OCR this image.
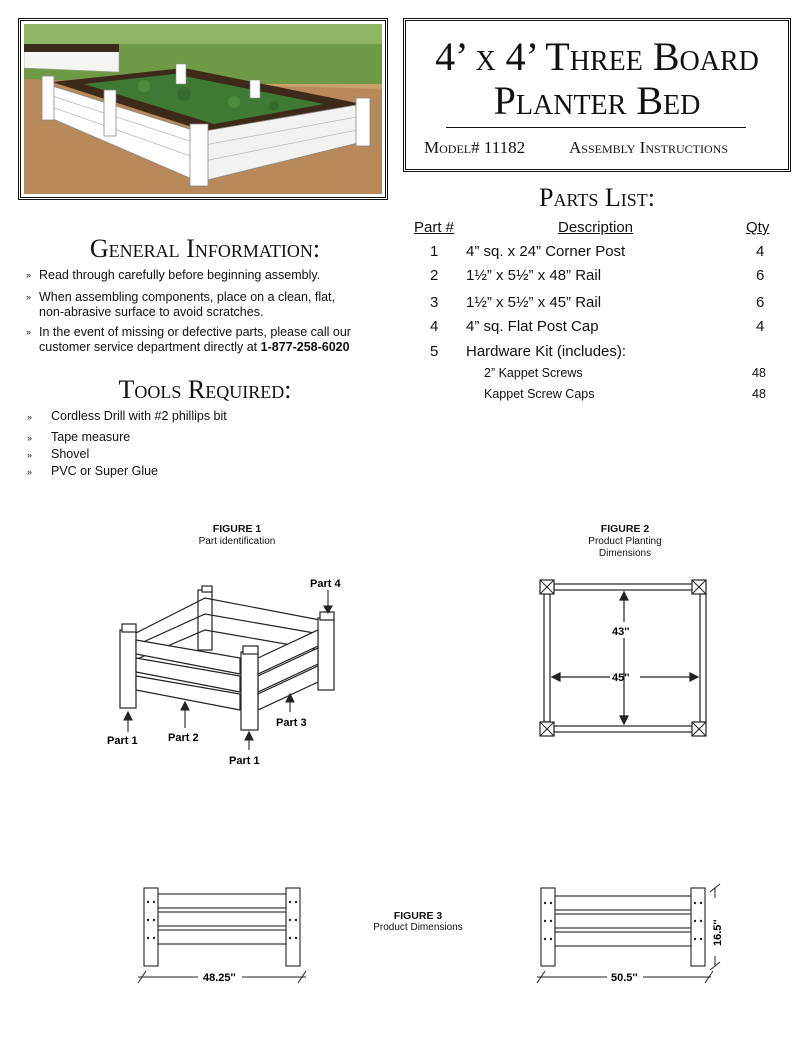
4’ x 4’ Three Board
Planter Bed
Model# 11182	Assembly Instructions
Parts List:
Part #	Description	Qty
1 4” sq. x 24” Corner Post	4
2 1½” x 5½” x 48” Rail	6
3 1½” x 5½” x 45” Rail	6
4 4” sq. Flat Post Cap	4
5 Hardware Kit (includes):
2” Kappet Screws	48
Kappet Screw Caps	48
General Information:
» Read through carefully before beginning assembly.
» When assembling components, place on a clean, flat,
non-abrasive surface to avoid scratches.
» In the event of missing or defective parts, please call our
customer service department directly at 1-877-258-6020
Tools Required:
» Cordless Drill with #2 phillips bit
» Tape measure
» Shovel
» PVC or Super Glue
FIGURE 1
Part identification
Part 4
Part 1	Part 2
Part 3
Part 1
FIGURE 2
Product Planting
Dimensions
43''
45''
48.25''
FIGURE 3
Product Dimensions
50.5''
16.5''
